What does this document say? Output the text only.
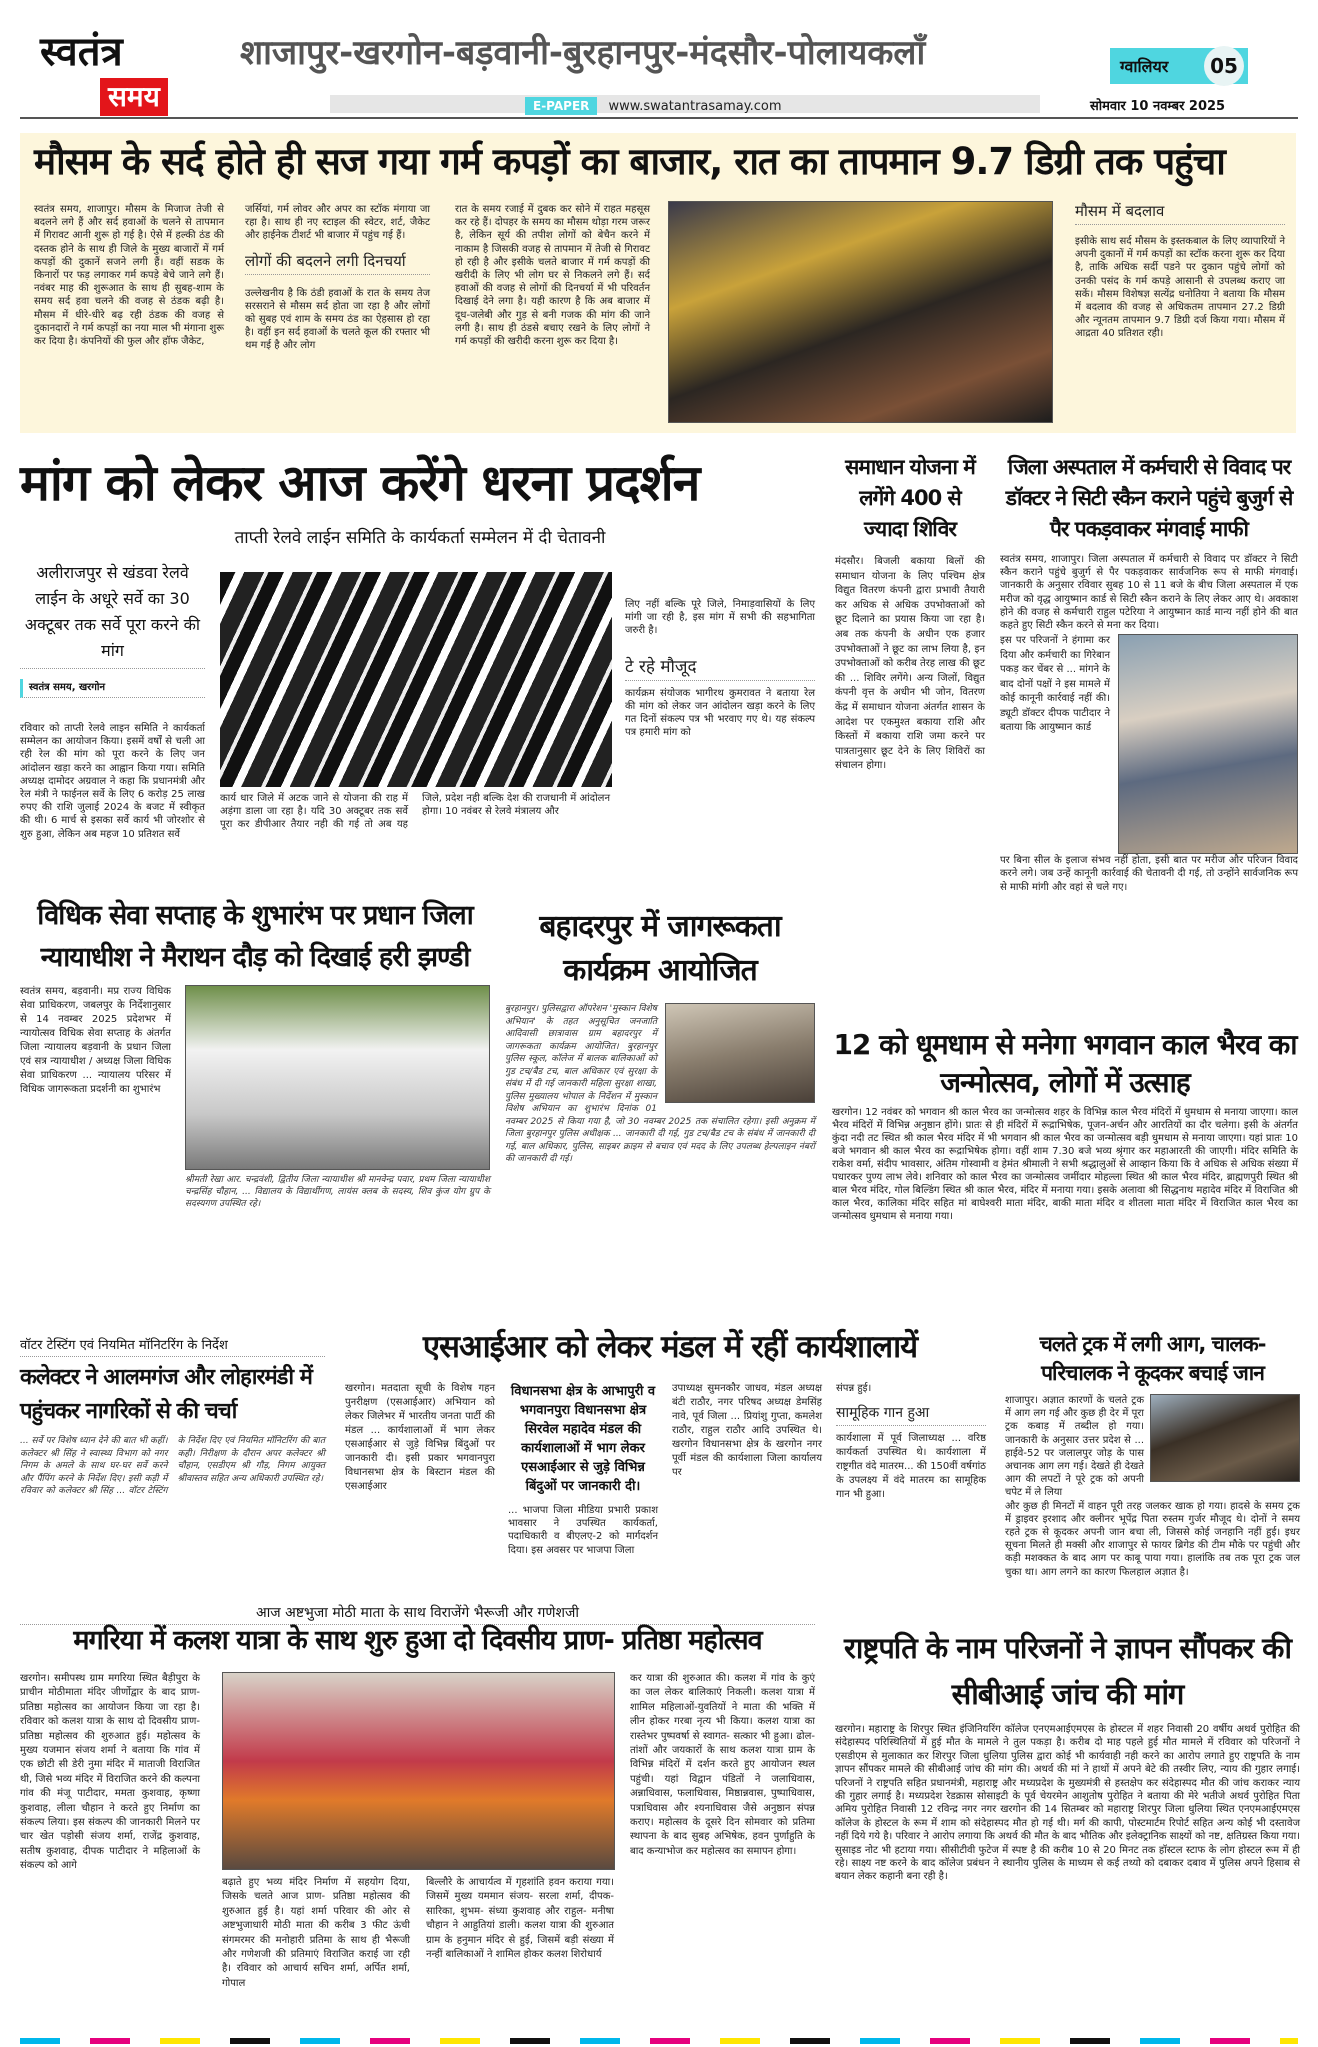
स्वतंत्र
समय
शाजापुर-खरगोन-बड़वानी-बुरहानपुर-मंदसौर-पोलायकलाँ
E-PAPER www.swatantrasamay.com
ग्वालियर	05
सोमवार 10 नवम्बर 2025
मौसम के सर्द होते ही सज गया गर्म कपड़ों का बाजार, रात का तापमान 9.7 डिग्री तक पहुंचा
स्वतंत्र समय, शाजापुर। मौसम के मिजाज तेजी से बदलने लगे हैं और सर्द हवाओं के चलने से तापमान में गिरावट आनी शुरू हो गई है। ऐसे में हल्की ठंड की दस्तक होने के साथ ही जिले के मुख्य बाजारों में गर्म कपड़ों की दुकानें सजने लगी हैं। वहीं सडक के किनारों पर फड़ लगाकर गर्म कपड़े बेचे जाने लगे हैं। नवंबर माह की शुरूआत के साथ ही सुबह-शाम के समय सर्द हवा चलने की वजह से ठंडक बढ़ी है। मौसम में धीरे-धीरे बढ़ रही ठंडक की वजह से दुकानदारों ने गर्म कपड़ों का नया माल भी मंगाना शुरू कर दिया है। कंपनियों की फुल और हॉफ जैकेट,
जर्सियां, गर्म लोवर और अपर का स्टॉक मंगाया जा रहा है। साथ ही नए स्टाइल की स्वेटर, शर्ट, जैकेट और हाईनेक टीशर्ट भी बाजार में पहुंच गई हैं।
लोगों की बदलने लगी दिनचर्या
उल्लेखनीय है कि ठंडी हवाओं के रात के समय तेज सरसराने से मौसम सर्द होता जा रहा है और लोगों को सुबह एवं शाम के समय ठंड का ऐहसास हो रहा है। वहीं इन सर्द हवाओं के चलते कूल की रफ्तार भी थम गई है और लोग
रात के समय रजाई में दुबक कर सोने में राहत महसूस कर रहे हैं। दोपहर के समय का मौसम थोड़ा गरम जरूर है, लेकिन सूर्य की तपीश लोगों को बेचैन करने में नाकाम है जिसकी वजह से तापमान में तेजी से गिरावट हो रही है और इसीके चलते बाजार में गर्म कपड़ों की खरीदी के लिए भी लोग घर से निकलने लगे हैं। सर्द हवाओं की वजह से लोगों की दिनचर्या में भी परिवर्तन दिखाई देने लगा है। यही कारण है कि अब बाजार में दूध-जलेबी और गुड़ से बनी गजक की मांग की जाने लगी है। साथ ही ठंडसे बचाए रखने के लिए लोगों ने गर्म कपड़ों की खरीदी करना शुरू कर दिया है।
मौसम में बदलाव
इसीके साथ सर्द मौसम के इस्तकबाल के लिए व्यापारियों ने अपनी दुकानों में गर्म कपड़ों का स्टॉक करना शुरू कर दिया है, ताकि अधिक सर्दी पडने पर दुकान पहुंचे लोगों को उनकी पसंद के गर्म कपड़े आसानी से उपलब्ध कराए जा सकें। मौसम विशेषज्ञ सत्येंद्र धनोतिया ने बताया कि मौसम में बदलाव की वजह से अधिकतम तापमान 27.2 डिग्री और न्यूनतम तापमान 9.7 डिग्री दर्ज किया गया। मौसम में आद्रता 40 प्रतिशत रही।
मांग को लेकर आज करेंगे धरना प्रदर्शन
ताप्ती रेलवे लाईन समिति के कार्यकर्ता सम्मेलन में दी चेतावनी
अलीराजपुर से खंडवा रेलवे लाईन के अधूरे सर्वे का 30 अक्टूबर तक सर्वे पूरा करने की मांग
स्वतंत्र समय, खरगोन
रविवार को ताप्ती रेलवे लाइन समिति ने कार्यकर्ता सम्मेलन का आयोजन किया। इसमें वर्षों से चली आ रही रेल की मांग को पूरा करने के लिए जन आंदोलन खड़ा करने का आह्वान किया गया। समिति अध्यक्ष दामोदर अग्रवाल ने कहा कि प्रधानमंत्री और रेल मंत्री ने फाईनल सर्वे के लिए 6 करोड़ 25 लाख रुपए की राशि जुलाई 2024 के बजट में स्वीकृत की थी। 6 मार्च से इसका सर्वे कार्य भी जोरशोर से शुरु हुआ, लेकिन अब महज 10 प्रतिशत सर्वे
कार्य धार जिले में अटक जाने से योजना की राह में अड़ंगा डाला जा रहा है। यदि 30 अक्टूबर तक सर्वे पूरा कर डीपीआर तैयार नही की गई तो अब यह जिले, प्रदेश नही बल्कि देश की राजधानी में आंदोलन होगा। 10 नवंबर से रेलवे मंत्रालय और
लिए नहीं बल्कि पूरे जिले, निमाड़वासियों के लिए मांगी जा रही है, इस मांग में सभी की सहभागिता जरुरी है।
टे रहे मौजूद
कार्यक्रम संयोजक भागीरथ कुमरावत ने बताया रेल की मांग को लेकर जन आंदोलन खड़ा करने के लिए गत दिनों संकल्प पत्र भी भरवाए गए थे। यह संकल्प पत्र हमारी मांग को
समाधान योजना में लगेंगे 400 से ज्यादा शिविर
मंदसौर। बिजली बकाया बिलों की समाधान योजना के लिए पश्चिम क्षेत्र विद्युत वितरण कंपनी द्वारा प्रभावी तैयारी कर अधिक से अधिक उपभोक्ताओं को छूट दिलाने का प्रयास किया जा रहा है। अब तक कंपनी के अधीन एक हजार उपभोक्ताओं ने छूट का लाभ लिया है, इन उपभोक्ताओं को करीब तेरह लाख की छूट की ... शिविर लगेंगे। अन्य जिलों, विद्युत कंपनी वृत्त के अधीन भी जोन, वितरण केंद्र में समाधान योजना अंतर्गत शासन के आदेश पर एकमुश्त बकाया राशि और किस्तों में बकाया राशि जमा करने पर पात्रतानुसार छूट देने के लिए शिविरों का संचालन होगा।
जिला अस्पताल में कर्मचारी से विवाद पर डॉक्टर ने सिटी स्कैन कराने पहुंचे बुजुर्ग से पैर पकड़वाकर मंगवाई माफी
स्वतंत्र समय, शाजापुर। जिला अस्पताल में कर्मचारी से विवाद पर डॉक्टर ने सिटी स्कैन कराने पहुंचे बुजुर्ग से पैर पकड़वाकर सार्वजनिक रूप से माफी मंगवाई। जानकारी के अनुसार रविवार सुबह 10 से 11 बजे के बीच जिला अस्पताल में एक मरीज को वृद्ध आयुष्मान कार्ड से सिटी स्कैन कराने के लिए लेकर आए थे। अवकाश होने की वजह से कर्मचारी राहुल पटेरिया ने आयुष्मान कार्ड मान्य नहीं होने की बात कहते हुए सिटी स्कैन करने से मना कर दिया।
इस पर परिजनों ने हंगामा कर दिया और कर्मचारी का गिरेबान पकड़ कर चेंबर से ... मांगने के बाद दोनों पक्षों ने इस मामले में कोई कानूनी कार्रवाई नहीं की। ड्यूटी डॉक्टर दीपक पाटीदार ने बताया कि आयुष्मान कार्ड
पर बिना सील के इलाज संभव नहीं होता, इसी बात पर मरीज और परिजन विवाद करने लगे। जब उन्हें कानूनी कार्रवाई की चेतावनी दी गई, तो उन्होंने सार्वजनिक रूप से माफी मांगी और वहां से चले गए।
विधिक सेवा सप्ताह के शुभारंभ पर प्रधान जिला न्यायाधीश ने मैराथन दौड़ को दिखाई हरी झण्डी
श्रीमती रेखा आर. चन्द्रवंशी, द्वितीय जिला न्यायाधीश श्री मानवेन्द्र पवार, प्रथम जिला न्यायाधीश चन्द्रसिंह चौहान, ... विद्यालय के विद्यार्थीगण, लायंस क्लब के सदस्य, शिव कुंज योग ग्रुप के सदस्यगण उपस्थित रहे।
स्वतंत्र समय, बड़वानी। मप्र राज्य विधिक सेवा प्राधिकरण, जबलपुर के निर्देशानुसार से 14 नवम्बर 2025 प्रदेशभर में न्यायोत्सव विधिक सेवा सप्ताह के अंतर्गत जिला न्यायालय बड़वानी के प्रधान जिला एवं सत्र न्यायाधीश / अध्यक्ष जिला विधिक सेवा प्राधिकरण ... न्यायालय परिसर में विधिक जागरूकता प्रदर्शनी का शुभारंभ
बहादरपुर में जागरूकता कार्यक्रम आयोजित
बुरहानपुर। पुलिसद्वारा ऑपरेशन 'मुस्कान विशेष अभियान' के तहत अनुसूचित जनजाति आदिवासी छात्रावास ग्राम बहादरपुर में जागरूकता कार्यक्रम आयोजित। बुरहानपुर पुलिस स्कूल, कॉलेज में बालक बालिकाओं को गुड टच/बैड टच, बाल अधिकार एवं सुरक्षा के संबंध में दी गई जानकारी महिला सुरक्षा शाखा, पुलिस मुख्यालय भोपाल के निर्देशन में मुस्कान विशेष अभियान का शुभारंभ दिनांक 01 नवम्बर 2025 से किया गया है, जो 30 नवम्बर 2025 तक संचालित रहेगा। इसी अनुक्रम में जिला बुरहानपुर पुलिस अधीक्षक ... जानकारी दी गई, गुड टच/बैड टच के संबंध में जानकारी दी गई, बाल अधिकार, पुलिस, साइबर क्राइम से बचाव एवं मदद के लिए उपलब्ध हेल्पलाइन नंबरों की जानकारी दी गई।
12 को धूमधाम से मनेगा भगवान काल भैरव का जन्मोत्सव, लोगों में उत्साह
खरगोन। 12 नवंबर को भगवान श्री काल भैरव का जन्मोत्सव शहर के विभिन्न काल भैरव मंदिरों में धुमधाम से मनाया जाएगा। काल भैरव मंदिरों में विभिन्न अनुष्ठान होंगे। प्रातः से ही मंदिरों में रूद्राभिषेक, पूजन-अर्चन और आरतियों का दौर चलेगा। इसी के अंतर्गत कुंदा नदी तट स्थित श्री काल भैरव मंदिर में भी भगवान श्री काल भैरव का जन्मोत्सव बड़ी धुमधाम से मनाया जाएगा। यहां प्रातः 10 बजे भगवान श्री काल भैरव का रूद्राभिषेक होगा। वहीं शाम 7.30 बजे भव्य श्रृंगार कर महाआरती की जाएगी। मंदिर समिति के राकेश वर्मा, संदीप भावसार, अंतिम गोस्वामी व हेमंत श्रीमाली ने सभी श्रद्धालुओं से आव्हान किया कि वे अधिक से अधिक संख्या में पधारकर पुण्य लाभ लेवे। शनिवार को काल भैरव का जन्मोत्सव जमींदार मोहल्ला स्थित श्री काल भैरव मंदिर, ब्राह्मणपुरी स्थित श्री बाल भैरव मंदिर, गोल बिल्डिंग स्थित श्री काल भैरव, मंदिर में मनाया गया। इसके अलावा श्री सिद्धनाथ महादेव मंदिर में विराजित श्री काल भैरव, कालिका मंदिर सहित मां बाघेश्वरी माता मंदिर, बाकी माता मंदिर व शीतला माता मंदिर में विराजित काल भैरव का जन्मोत्सव धुमधाम से मनाया गया।
वॉटर टेस्टिंग एवं नियमित मॉनिटरिंग के निर्देश
कलेक्टर ने आलमगंज और लोहारमंडी में पहुंचकर नागरिकों से की चर्चा
... सर्वे पर विशेष ध्यान देने की बात भी कहीं। कलेक्टर श्री सिंह ने स्वास्थ्य विभाग को नगर निगम के अमले के साथ घर-घर सर्वे करने और पैंपिंग करने के निर्देश दिए। इसी कड़ी में रविवार को कलेक्टर श्री सिंह ... वॉटर टेस्टिंग के निर्देश दिए एवं नियमित मॉनिटरिंग की बात कही। निरीक्षण के दौरान अपर कलेक्टर श्री चौहान, एसडीएम श्री गौड़, निगम आयुक्त श्रीवास्तव सहित अन्य अधिकारी उपस्थित रहे।
एसआईआर को लेकर मंडल में रहीं कार्यशालायें
खरगोन। मतदाता सूची के विशेष गहन पुनरीक्षण (एसआईआर) अभियान को लेकर जिलेभर में भारतीय जनता पार्टी की मंडल ... कार्यशालाओं में भाग लेकर एसआईआर से जुड़े विभिन्न बिंदुओं पर जानकारी दी। इसी प्रकार भगवानपुरा विधानसभा क्षेत्र के बिस्टान मंडल की एसआईआर
विधानसभा क्षेत्र के आभापुरी व भगवानपुरा विधानसभा क्षेत्र सिरवेल महादेव मंडल की कार्यशालाओं में भाग लेकर एसआईआर से जुड़े विभिन्न बिंदुओं पर जानकारी दी।
... भाजपा जिला मीडिया प्रभारी प्रकाश भावसार ने उपस्थित कार्यकर्ता, पदाधिकारी व बीएलए-2 को मार्गदर्शन दिया। इस अवसर पर भाजपा जिला
उपाध्यक्ष सुमनकौर जाधव, मंडल अध्यक्ष बंटी राठौर, नगर परिषद अध्यक्ष डेमसिंह नावे, पूर्व जिला ... प्रियांशु गुप्ता, कमलेश राठौर, राहुल राठौर आदि उपस्थित थे। खरगोन विधानसभा क्षेत्र के खरगोन नगर पूर्वी मंडल की कार्यशाला जिला कार्यालय पर
संपन्न हुई।
सामूहिक गान हुआ
कार्यशाला में पूर्व जिलाध्यक्ष ... वरिष्ठ कार्यकर्ता उपस्थित थे। कार्यशाला में राष्ट्रगीत वंदे मातरम... की 150वीं वर्षगांठ के उपलक्ष्य में वंदे मातरम का सामूहिक गान भी हुआ।
चलते ट्रक में लगी आग, चालक-परिचालक ने कूदकर बचाई जान
शाजापुर। अज्ञात कारणों के चलते ट्रक में आग लग गई और कुछ ही देर में पूरा ट्रक कबाड़ में तब्दील हो गया। जानकारी के अनुसार उत्तर प्रदेश से ... हाईवे-52 पर जलालपुर जोड़ के पास अचानक आग लग गई। देखते ही देखते आग की लपटों ने पूरे ट्रक को अपनी चपेट में ले लिया
और कुछ ही मिनटों में वाहन पूरी तरह जलकर खाक हो गया। हादसे के समय ट्रक में ड्राइवर इरशाद और क्लीनर भूपेंद्र पिता रुस्तम गुर्जर मौजूद थे। दोनों ने समय रहते ट्रक से कूदकर अपनी जान बचा ली, जिससे कोई जनहानि नहीं हुई। इधर सूचना मिलते ही मक्सी और शाजापुर से फायर ब्रिगेड की टीम मौके पर पहुंची और कड़ी मशक्कत के बाद आग पर काबू पाया गया। हालांकि तब तक पूरा ट्रक जल चुका था। आग लगने का कारण फिलहाल अज्ञात है।
आज अष्टभुजा मोठी माता के साथ विराजेंगे भैरूजी और गणेशजी
मगरिया में कलश यात्रा के साथ शुरु हुआ दो दिवसीय प्राण- प्रतिष्ठा महोत्सव
खरगोन। समीपस्थ ग्राम मगरिया स्थित बैड़ीपुरा के प्राचीन मोठीमाता मंदिर जीर्णोद्वार के बाद प्राण- प्रतिष्ठा महोत्सव का आयोजन किया जा रहा है। रविवार को कलश यात्रा के साथ दो दिवसीय प्राण- प्रतिष्ठा महोत्सव की शुरुआत हुई। महोत्सव के मुख्य यजमान संजय शर्मा ने बताया कि गांव में एक छोटी सी डेरी नुमा मंदिर में माताजी विराजित थी, जिसे भव्य मंदिर में विराजित करने की कल्पना गांव की मंजू पाटीदार, ममता कुशवाह, कृष्णा कुशवाह, लीला चौहान ने करते हुए निर्माण का संकल्प लिया। इस संकल्प की जानकारी मिलने पर चार खेत पड़ोसी संजय शर्मा, राजेंद्र कुशवाह, सतीष कुशवाह, दीपक पाटीदार ने महिलाओं के संकल्प को आगे
बढ़ाते हुए भव्य मंदिर निर्माण में सहयोग दिया, जिसके चलते आज प्राण- प्रतिष्ठा महोत्सव की शुरुआत हुई है। यहां शर्मा परिवार की ओर से अष्टभुजाधारी मोठी माता की करीब 3 फीट ऊंची संगमरमर की मनोहारी प्रतिमा के साथ ही भैरूजी और गणेशजी की प्रतिमाएं विराजित कराई जा रही है। रविवार को आचार्य सचिन शर्मा, अर्पित शर्मा, गोपाल
बिल्लौरे के आचार्यत्व में गृहशांति हवन कराया गया। जिसमें मुख्य यममान संजय- सरला शर्मा, दीपक- सारिका, शुभम- संध्या कुशवाह और राहुल- मनीषा चौहान ने आहुतियां डाली। कलश यात्रा की शुरुआत ग्राम के हनुमान मंदिर से हुई, जिसमें बड़ी संख्या में नन्हीं बालिकाओं ने शामिल होकर कलश शिरोधार्य
कर यात्रा की शुरुआत की। कलश में गांव के कुएं का जल लेकर बालिकाएं निकली। कलश यात्रा में शामिल महिलाओं-युवतियों ने माता की भक्ति में लीन होकर गरबा नृत्य भी किया। कलश यात्रा का रास्तेभर पुष्पवर्षा से स्वागत- सत्कार भी हुआ। ढोल-तांशों और जयकारों के साथ कलश यात्रा ग्राम के विभिन्न मंदिरों में दर्शन करते हुए आयोजन स्थल पहुंची। यहां विद्वान पंडितों ने जलाधिवास, अन्नाधिवास, फलाधिवास, मिष्ठान्नवास, पुष्पाधिवास, पत्राधिवास और श्यनाधिवास जैसे अनुष्ठान संपन्न कराए। महोत्सव के दूसरे दिन सोमवार को प्रतिमा स्थापना के बाद सुबह अभिषेक, हवन पुर्णाहुति के बाद कन्याभोज कर महोत्सव का समापन होगा।
राष्ट्रपति के नाम परिजनों ने ज्ञापन सौंपकर की सीबीआई जांच की मांग
खरगोन। महाराष्ट्र के शिरपुर स्थित इंजिनियरिंग कॉलेज एनएमआईएमएस के होस्टल में शहर निवासी 20 वर्षीय अथर्व पुरोहित की संदेहास्पद परिस्थितियों में हुई मौत के मामले ने तुल पकड़ा है। करीब दो माह पहले हुई मौत मामले में रविवार को परिजनों ने एसडीएम से मुलाकात कर शिरपुर जिला धुलिया पुलिस द्वारा कोई भी कार्यवाही नही करने का आरोप लगाते हुए राष्ट्रपति के नाम ज्ञापन सौंपकर मामले की सीबीआई जांच की मांग की। अथर्व की मां ने हाथों में अपने बेटे की तस्वीर लिए, न्याय की गुहार लगाई। परिजनों ने राष्ट्रपति सहित प्रधानमंत्री, महाराष्ट्र और मध्यप्रदेश के मुख्यमंत्री से हस्तक्षेप कर संदेहास्पद मौत की जांच कराकर न्याय की गुहार लगाई है। मध्यप्रदेश रेडक्रास सोसाइटी के पूर्व चेयरमेन आशुतोष पुरोहित ने बताया की मेरे भतीजे अथर्व पुरोहित पिता अमिय पुरोहित निवासी 12 रविन्द्र नगर नगर खरगोन की 14 सितम्बर को महाराष्ट्र शिरपुर जिला धुलिया स्थित एनएमआईएमएस कॉलेज के होस्टल के रूम में शाम को संदेहास्पद मौत हो गई थी। मर्ग की कापी, पोस्टमार्टम रिपोर्ट सहित अन्य कोई भी दस्तावेज नहीं दिये गये है। परिवार ने आरोप लगाया कि अथर्व की मौत के बाद भौतिक और इलेक्ट्रानिक साक्ष्यों को नष्ट, क्षतिग्रस्त किया गया। सुसाइड नोट भी हटाया गया। सीसीटीवी फुटेज में स्पष्ट है की करीब 10 से 20 मिनट तक हॉस्टल स्टाफ के लोग होस्टल रूम में ही रहे। साक्ष्य नष्ट करने के बाद कॉलेज प्रबंधन ने स्थानीय पुलिस के माध्यम से कई तथ्यो को दबाकर दबाव में पुलिस अपने हिसाब से बयान लेकर कहानी बना रही है।
